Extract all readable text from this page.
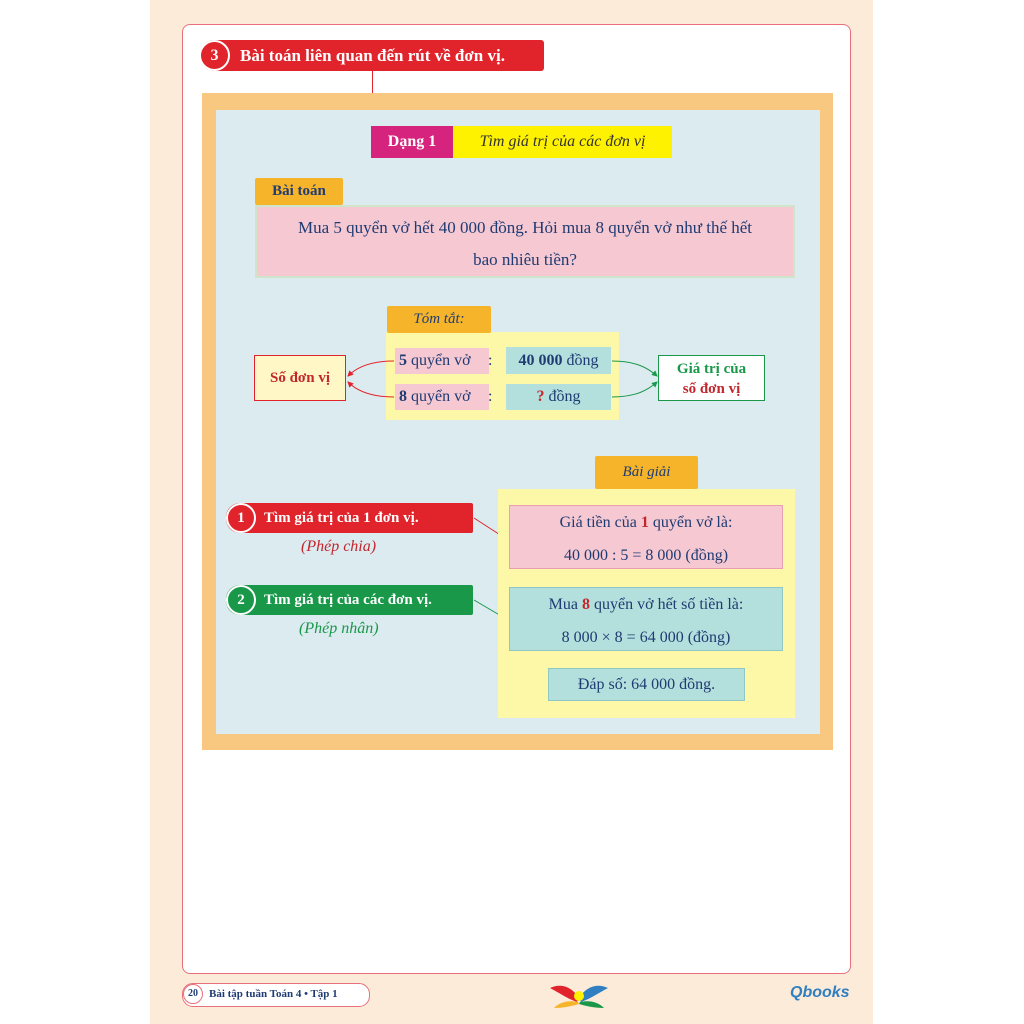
3	Bài toán liên quan đến rút về đơn vị.
Dạng 1	Tìm giá trị của các đơn vị
Bài toán
Mua 5 quyển vở hết 40 000 đồng. Hỏi mua 8 quyển vở như thế hết
bao nhiêu tiền?
Tóm tắt:
5 quyển vở	:	40 000 đồng
8 quyển vở	:	? đồng
Số đơn vị
Giá trị của
số đơn vị
Bài giải
1	Tìm giá trị của 1 đơn vị.
(Phép chia)
2	Tìm giá trị của các đơn vị.
(Phép nhân)
Giá tiền của 1 quyển vở là:
40 000 : 5 = 8 000 (đồng)
Mua 8 quyển vở hết số tiền là:
8 000 × 8 = 64 000 (đồng)
Đáp số: 64 000 đồng.
20	Bài tập tuần Toán 4 • Tập 1	Qbooks
